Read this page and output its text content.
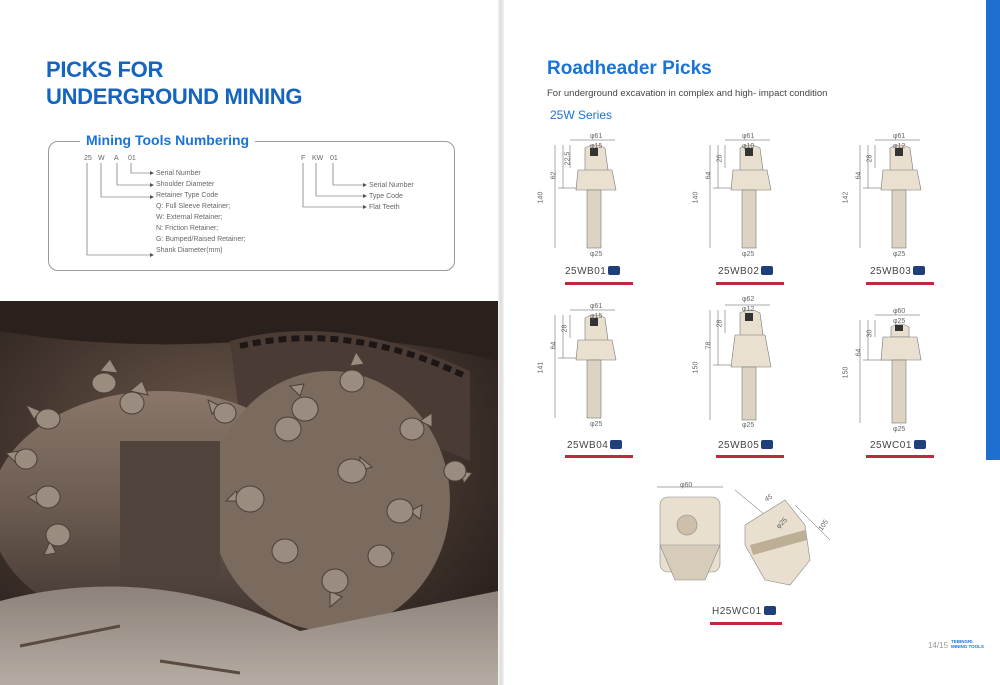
PICKS FOR
UNDERGROUND MINING
Mining Tools Numbering
25 W A 01	F KW 01
Serial Number
Shoulder Diameter
Retainer Type Code
Q: Full Sleeve Retainer;
W: External Retainer;
N: Friction Retainer;
G: Bumped/Raised Retainer;
Shank Diameter(mm)
Serial Number
Type Code
Flat Teeth
Roadheader Picks
For underground excavation in complex and high- impact condition
25W Series
φ61
φ15
φ25
140
62
22.5
25WB01
φ61
φ10
φ25
140
64
26
25WB02
φ61
φ12
φ25
142
64
28
25WB03
φ61
φ15
φ25
141
64
28
25WB04
φ62
φ12
φ25
150
78
28
25WB05
φ60
φ25
φ25
150
64
30
25WC01
φ60
φ25	105
45
H25WC01
14/15 TEBINGRI
MINING TOOLS
